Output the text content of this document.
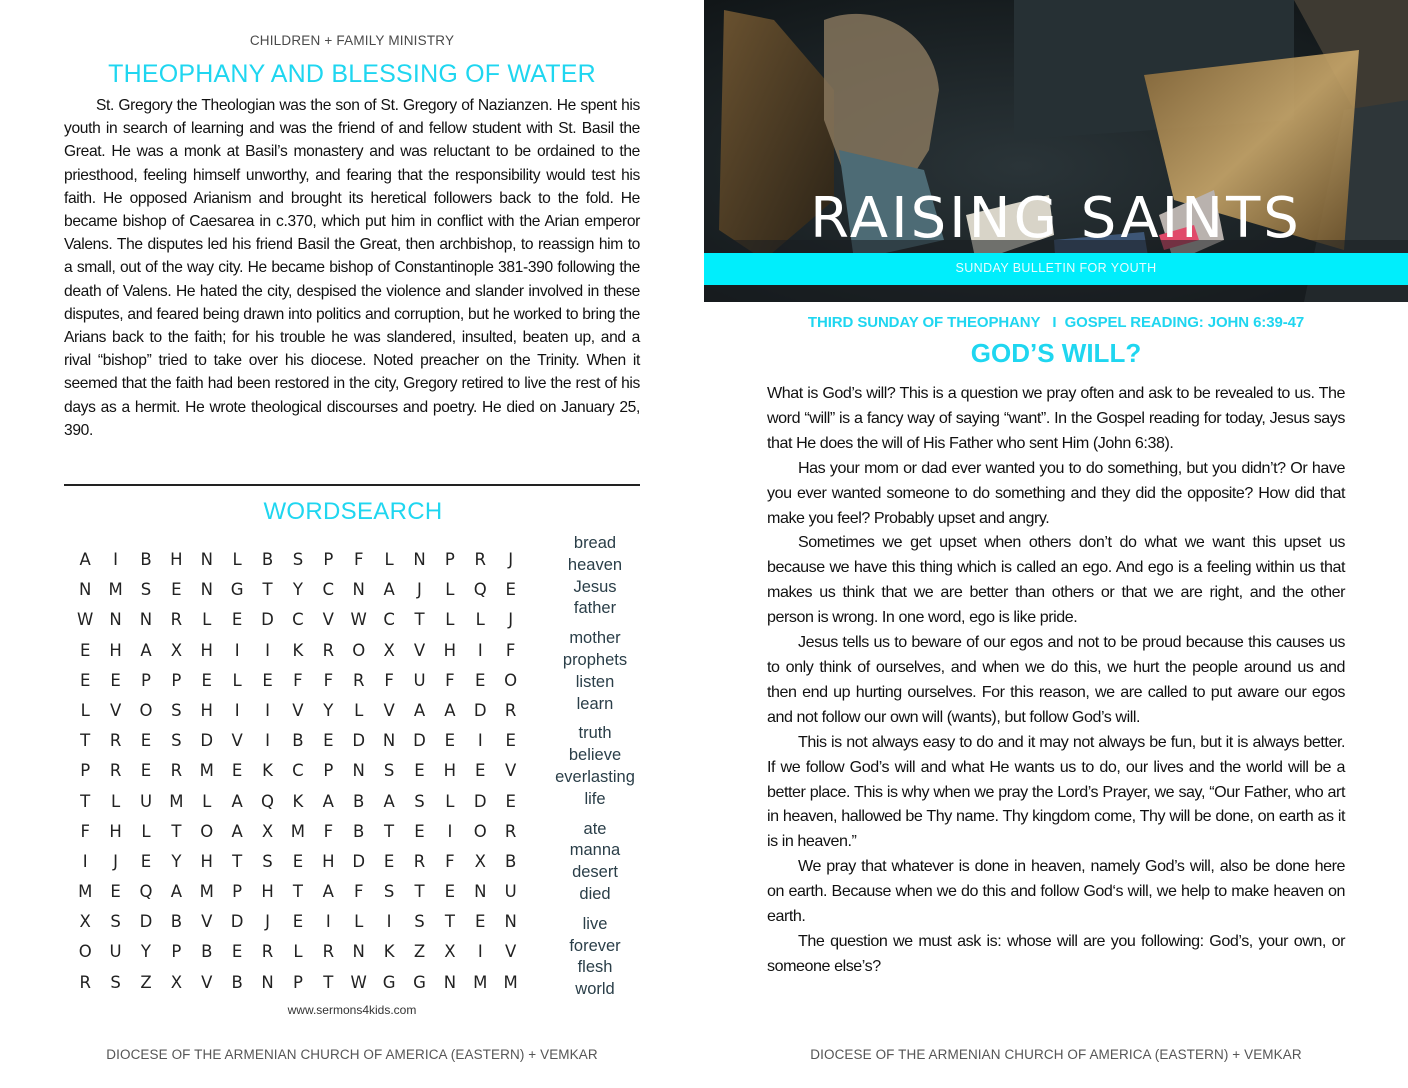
CHILDREN + FAMILY MINISTRY
THEOPHANY AND BLESSING OF WATER

St. Gregory the Theologian was the son of St. Gregory of Nazianzen. He spent his youth in search of learning and was the friend of and fellow student with St. Basil the Great. He was a monk at Basil’s monastery and was reluctant to be ordained to the priesthood, feeling himself unworthy, and fearing that the responsibility would test his faith. He opposed Arianism and brought its heretical followers back to the fold. He became bishop of Caesarea in c.370, which put him in conflict with the Arian emperor Valens. The disputes led his friend Basil the Great, then archbishop, to reassign him to a small, out of the way city. He became bishop of Constantinople 381-390 following the death of Valens. He hated the city, despised the violence and slander involved in these disputes, and feared being drawn into politics and corruption, but he worked to bring the Arians back to the faith; for his trouble he was slandered, insulted, beaten up, and a rival “bishop” tried to take over his diocese. Noted preacher on the Trinity. When it seemed that the faith had been restored in the city, Gregory retired to live the rest of his days as a hermit. He wrote theological discourses and poetry. He died on January 25, 390.

WORDSEARCH
A	I	B	H	N	L	B	S	P	F	L	N	P	R	J
N	M	S	E	N	G	T	Y	C	N	A	J	L	Q	E
W N	N	R	L	E	D	C	V	W C	T	L	L	J
E	H	A	X	H	I	I	K	R	O	X	V	H	I	F
E	E	P	P	E	L	E	F	F	R	F	U	F	E	O
L	V	O	S	H	I	I	V	Y	L	V	A	A	D	R
T	R	E	S	D	V	I	B	E	D	N	D	E	I	E
P	R	E	R	M	E	K	C	P	N	S	E	H	E	V
T	L	U	M	L	A	Q	K	A	B	A	S	L	D	E
F	H	L	T	O	A	X	M	F	B	T	E	I	O	R
I	J	E	Y	H	T	S	E	H	D	E	R	F	X	B
M	E	Q	A	M	P	H	T	A	F	S	T	E	N	U
X	S	D	B	V	D	J	E	I	L	I	S	T	E	N
O	U	Y	P	B	E	R	L	R	N	K	Z	X	I	V
R	S	Z	X	V	B	N	P	T	W G	G	N	M M
bread
heaven
Jesus
father
mother
prophets
listen
learn
truth
believe
everlasting
life
ate
manna
desert
died
live
forever
flesh
world
www.sermons4kids.com
DIOCESE OF THE ARMENIAN CHURCH OF AMERICA (EASTERN) + VEMKAR
RAISING SAINTS
SUNDAY BULLETIN FOR YOUTH
THIRD SUNDAY OF THEOPHANY   I  GOSPEL READING: JOHN 6:39-47
GOD’S WILL?

What is God’s will? This is a question we pray often and ask to be revealed to us. The word “will” is a fancy way of saying “want”. In the Gospel reading for today, Jesus says that He does the will of His Father who sent Him (John 6:38).

Has your mom or dad ever wanted you to do something, but you didn’t? Or have you ever wanted someone to do something and they did the opposite? How did that make you feel? Probably upset and angry.

Sometimes we get upset when others don’t do what we want this upset us because we have this thing which is called an ego. And ego is a feeling within us that makes us think that we are better than others or that we are right, and the other person is wrong. In one word, ego is like pride.

Jesus tells us to beware of our egos and not to be proud because this causes us to only think of ourselves, and when we do this, we hurt the people around us and then end up hurting ourselves. For this reason, we are called to put aware our egos and not follow our own will (wants), but follow God’s will.

This is not always easy to do and it may not always be fun, but it is always better. If we follow God’s will and what He wants us to do, our lives and the world will be a better place. This is why when we pray the Lord’s Prayer, we say, “Our Father, who art in heaven, hallowed be Thy name. Thy kingdom come, Thy will be done, on earth as it is in heaven.”

We pray that whatever is done in heaven, namely God’s will, also be done here on earth. Because when we do this and follow God‘s will, we help to make heaven on earth.

The question we must ask is: whose will are you following: God’s, your own, or someone else’s?

DIOCESE OF THE ARMENIAN CHURCH OF AMERICA (EASTERN) + VEMKAR
